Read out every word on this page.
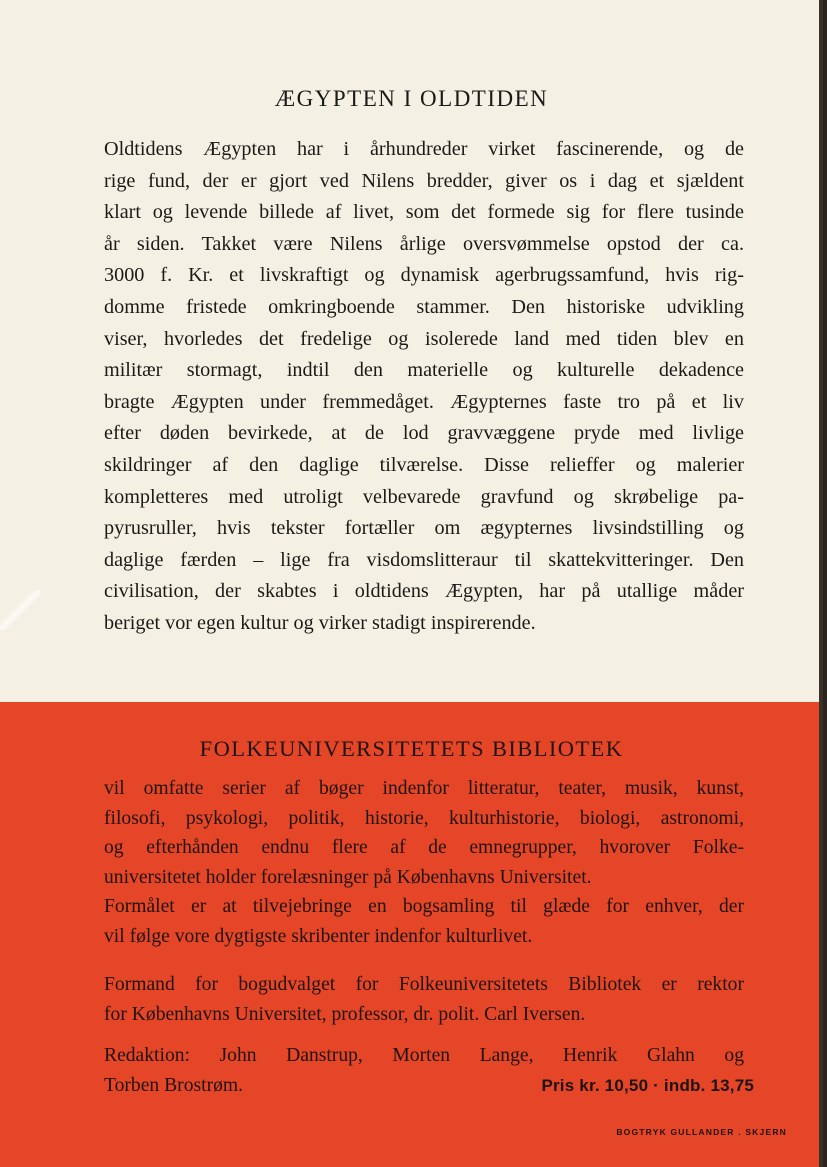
ÆGYPTEN I OLDTIDEN
Oldtidens Ægypten har i århundreder virket fascinerende, og de
rige fund, der er gjort ved Nilens bredder, giver os i dag et sjældent
klart og levende billede af livet, som det formede sig for flere tusinde
år siden. Takket være Nilens årlige oversvømmelse opstod der ca.
3000 f. Kr. et livskraftigt og dynamisk agerbrugssamfund, hvis rig-
domme fristede omkringboende stammer. Den historiske udvikling
viser, hvorledes det fredelige og isolerede land med tiden blev en
militær stormagt, indtil den materielle og kulturelle dekadence
bragte Ægypten under fremmedåget. Ægypternes faste tro på et liv
efter døden bevirkede, at de lod gravvæggene pryde med livlige
skildringer af den daglige tilværelse. Disse relieffer og malerier
kompletteres med utroligt velbevarede gravfund og skrøbelige pa-
pyrusruller, hvis tekster fortæller om ægypternes livsindstilling og
daglige færden – lige fra visdomslitteraur til skattekvitteringer. Den
civilisation, der skabtes i oldtidens Ægypten, har på utallige måder
beriget vor egen kultur og virker stadigt inspirerende.
FOLKEUNIVERSITETETS BIBLIOTEK
vil omfatte serier af bøger indenfor litteratur, teater, musik, kunst,
filosofi, psykologi, politik, historie, kulturhistorie, biologi, astronomi,
og efterhånden endnu flere af de emnegrupper, hvorover Folke-
universitetet holder forelæsninger på Københavns Universitet.
Formålet er at tilvejebringe en bogsamling til glæde for enhver, der
vil følge vore dygtigste skribenter indenfor kulturlivet.
Formand for bogudvalget for Folkeuniversitetets Bibliotek er rektor
for Københavns Universitet, professor, dr. polit. Carl Iversen.
Redaktion: John Danstrup, Morten Lange, Henrik Glahn og
Torben Brostrøm.	Pris kr. 10,50 · indb. 13,75
BOGTRYK GULLANDER . SKJERN
